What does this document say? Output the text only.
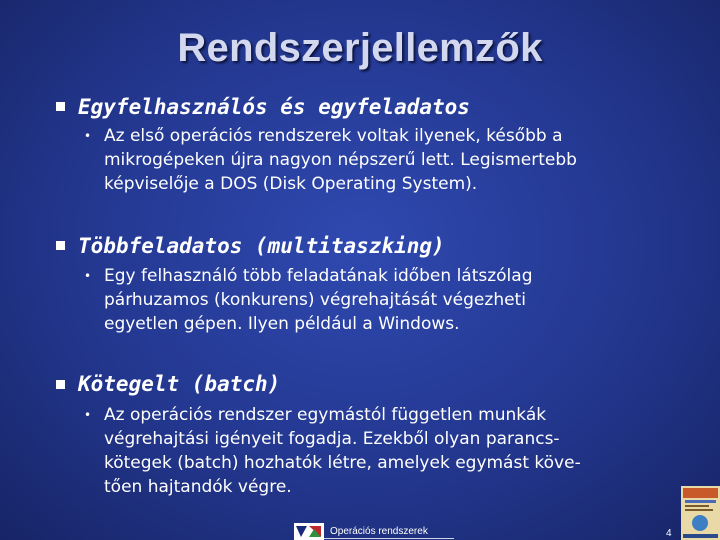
Rendszerjellemzők
Egyfelhasználós és egyfeladatos
• Az első operációs rendszerek voltak ilyenek, később a
mikrogépeken újra nagyon népszerű lett. Legismertebb
képviselője a DOS (Disk Operating System).
Többfeladatos (multitaszking)
• Egy felhasználó több feladatának időben látszólag
párhuzamos (konkurens) végrehajtását végezheti
egyetlen gépen. Ilyen például a Windows.
Kötegelt (batch)
• Az operációs rendszer egymástól független munkák
végrehajtási igényeit fogadja. Ezekből olyan parancs-
kötegek (batch) hozhatók létre, amelyek egymást köve-
tően hajtandók végre.
Operációs rendszerek	4
